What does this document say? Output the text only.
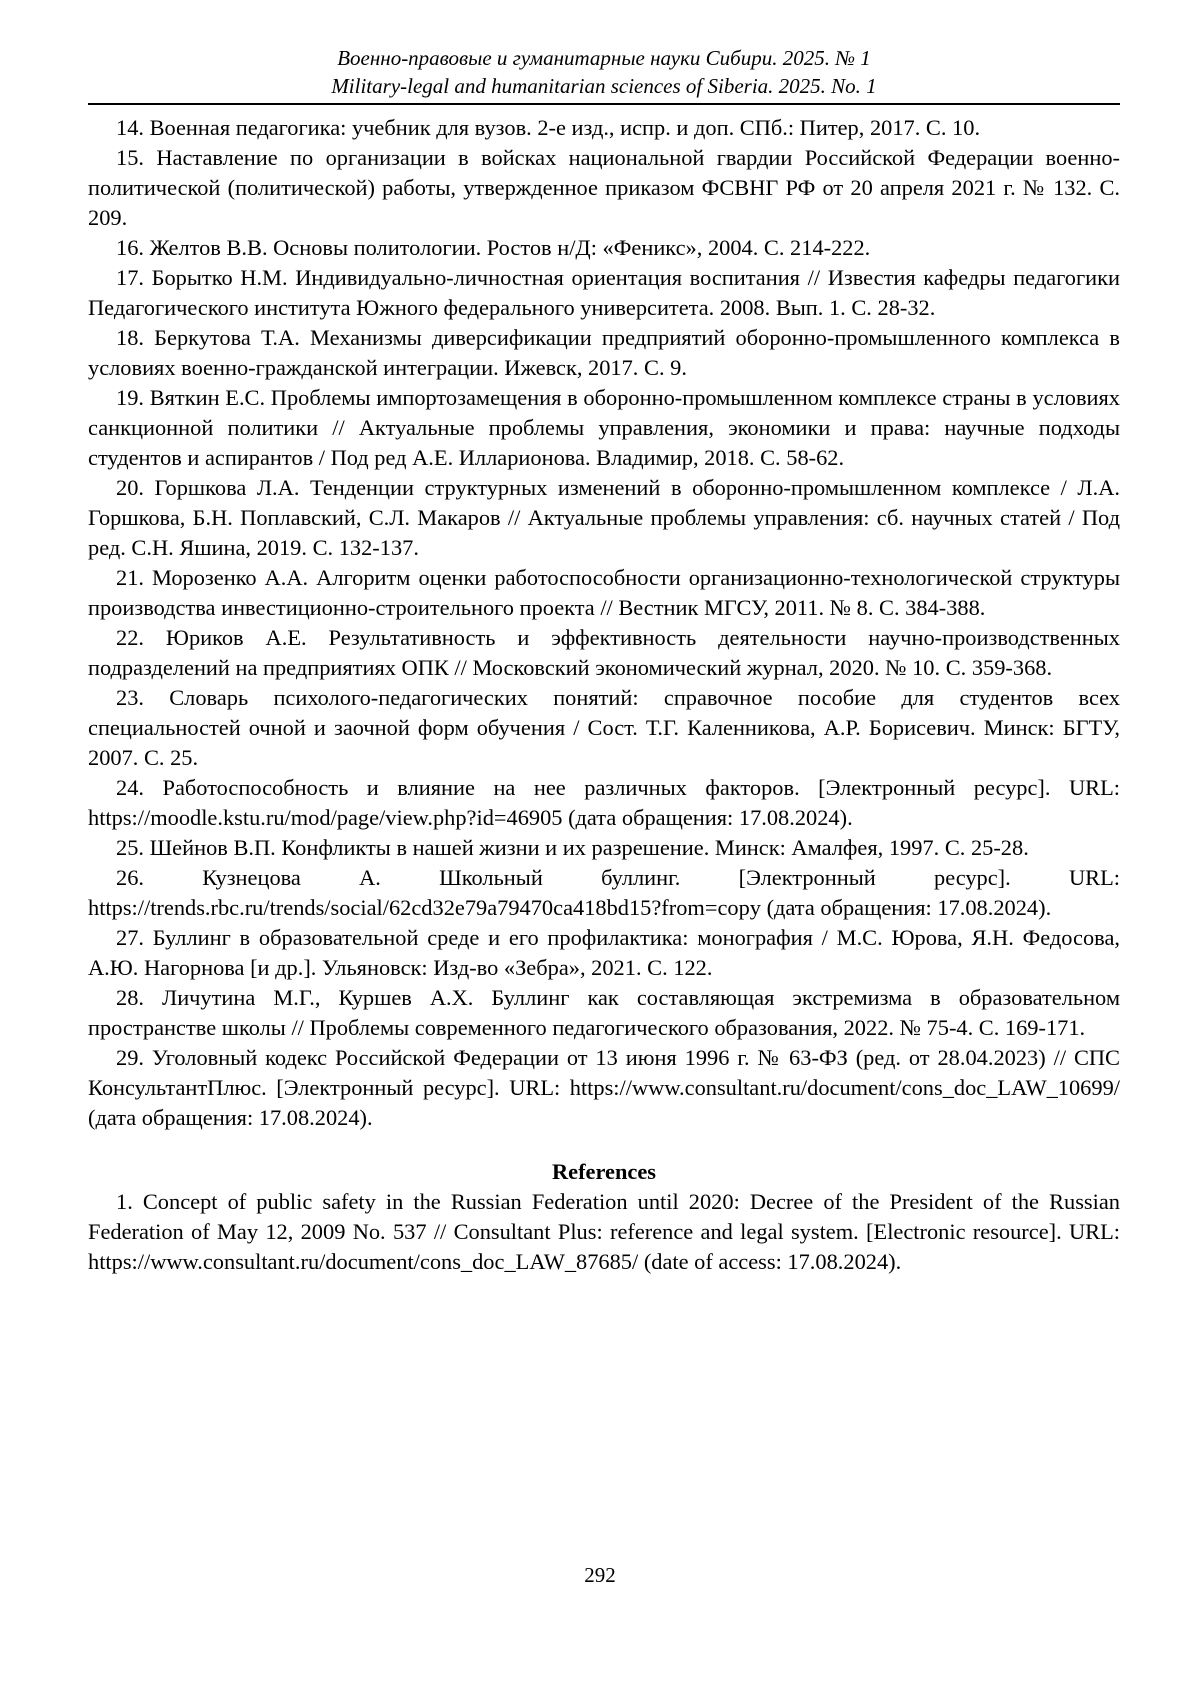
Военно-правовые и гуманитарные науки Сибири. 2025. № 1
Military-legal and humanitarian sciences of Siberia. 2025. No. 1

14. Военная педагогика: учебник для вузов. 2-е изд., испр. и доп. СПб.: Питер, 2017. С. 10.

15. Наставление по организации в войсках национальной гвардии Российской Федерации военно-политической (политической) работы, утвержденное приказом ФСВНГ РФ от 20 апреля 2021 г. № 132. С. 209.

16. Желтов В.В. Основы политологии. Ростов н/Д: «Феникс», 2004. С. 214-222.

17. Борытко Н.М. Индивидуально-личностная ориентация воспитания // Известия кафедры педагогики Педагогического института Южного федерального университета. 2008. Вып. 1. С. 28-32.

18. Беркутова Т.А. Механизмы диверсификации предприятий оборонно-промышленного комплекса в условиях военно-гражданской интеграции. Ижевск, 2017. С. 9.

19. Вяткин Е.С. Проблемы импортозамещения в оборонно-промышленном комплексе страны в условиях санкционной политики // Актуальные проблемы управления, экономики и права: научные подходы студентов и аспирантов / Под ред А.Е. Илларионова. Владимир, 2018. С. 58-62.

20. Горшкова Л.А. Тенденции структурных изменений в оборонно-промышленном комплексе / Л.А. Горшкова, Б.Н. Поплавский, С.Л. Макаров // Актуальные проблемы управления: сб. научных статей / Под ред. С.Н. Яшина, 2019. С. 132-137.

21. Морозенко А.А. Алгоритм оценки работоспособности организационно-технологической структуры производства инвестиционно-строительного проекта // Вестник МГСУ, 2011. № 8. С. 384-388.

22. Юриков А.Е. Результативность и эффективность деятельности научно-производственных подразделений на предприятиях ОПК // Московский экономический журнал, 2020. № 10. С. 359-368.

23. Словарь психолого-педагогических понятий: справочное пособие для студентов всех специальностей очной и заочной форм обучения / Сост. Т.Г. Каленникова, А.Р. Борисевич. Минск: БГТУ, 2007. С. 25.

24. Работоспособность и влияние на нее различных факторов. [Электронный ресурс]. URL: https://moodle.kstu.ru/mod/page/view.php?id=46905 (дата обращения: 17.08.2024).

25. Шейнов В.П. Конфликты в нашей жизни и их разрешение. Минск: Амалфея, 1997. С. 25-28.

26. Кузнецова А. Школьный буллинг. [Электронный ресурс]. URL: https://trends.rbc.ru/trends/social/62cd32e79a79470ca418bd15?from=copy (дата обращения: 17.08.2024).

27. Буллинг в образовательной среде и его профилактика: монография / М.С. Юрова, Я.Н. Федосова, А.Ю. Нагорнова [и др.]. Ульяновск: Изд-во «Зебра», 2021. С. 122.

28. Личутина М.Г., Куршев А.Х. Буллинг как составляющая экстремизма в образовательном пространстве школы // Проблемы современного педагогического образования, 2022. № 75-4. С. 169-171.

29. Уголовный кодекс Российской Федерации от 13 июня 1996 г. № 63-ФЗ (ред. от 28.04.2023) // СПС КонсультантПлюс. [Электронный ресурс]. URL: https://www.consultant.ru/document/cons_doc_LAW_10699/ (дата обращения: 17.08.2024).

References

1. Concept of public safety in the Russian Federation until 2020: Decree of the President of the Russian Federation of May 12, 2009 No. 537 // Consultant Plus: reference and legal system. [Electronic resource]. URL: https://www.consultant.ru/document/cons_doc_LAW_87685/ (date of access: 17.08.2024).

292
